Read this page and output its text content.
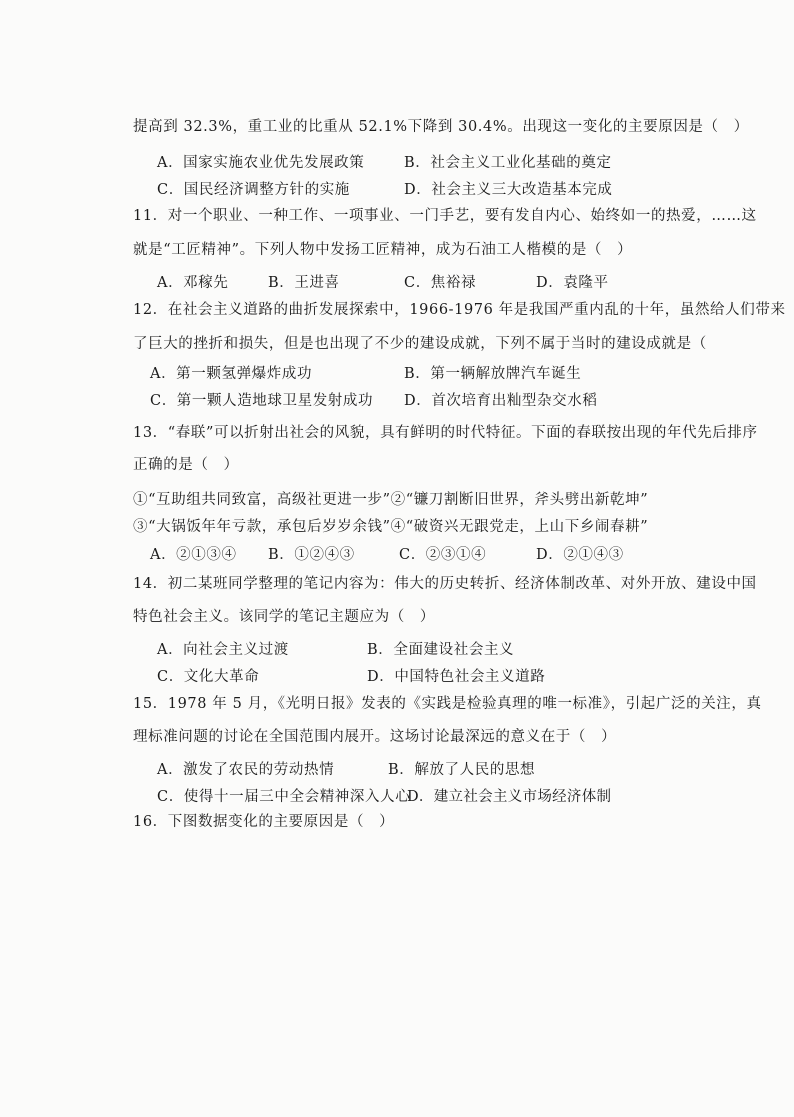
提高到 32.3%，重工业的比重从 52.1%下降到 30.4%。出现这一变化的主要原因是（　）
A．国家实施农业优先发展政策	B．社会主义工业化基础的奠定
C．国民经济调整方针的实施	D．社会主义三大改造基本完成
11．对一个职业、一种工作、一项事业、一门手艺，要有发自内心、始终如一的热爱，……这
就是“工匠精神”。下列人物中发扬工匠精神，成为石油工人楷模的是（　）
A．邓稼先	B．王进喜	C．焦裕禄	D．袁隆平
12．在社会主义道路的曲折发展探索中，1966-1976 年是我国严重内乱的十年，虽然给人们带来
了巨大的挫折和损失，但是也出现了不少的建设成就，下列不属于当时的建设成就是（
A．第一颗氢弹爆炸成功	B．第一辆解放牌汽车诞生
C．第一颗人造地球卫星发射成功 D．首次培育出籼型杂交水稻
13．“春联”可以折射出社会的风貌，具有鲜明的时代特征。下面的春联按出现的年代先后排序
正确的是（　）
①“互助组共同致富，高级社更进一步”②“镰刀割断旧世界，斧头劈出新乾坤”
③“大锅饭年年亏款，承包后岁岁余钱”④“破资兴无跟党走，上山下乡闹春耕”
A．②①③④ B．①②④③	C．②③①④	D．②①④③
14．初二某班同学整理的笔记内容为：伟大的历史转折、经济体制改革、对外开放、建设中国
特色社会主义。该同学的笔记主题应为（　）
A．向社会主义过渡	B．全面建设社会主义
C．文化大革命	D．中国特色社会主义道路
15．1978 年 5 月，《光明日报》发表的《实践是检验真理的唯一标准》，引起广泛的关注，真
理标准问题的讨论在全国范围内展开。这场讨论最深远的意义在于（　）
A．激发了农民的劳动热情	B．解放了人民的思想
C．使得十一届三中全会精神深入人心
D．建立社会主义市场经济体制
16．下图数据变化的主要原因是（　）
